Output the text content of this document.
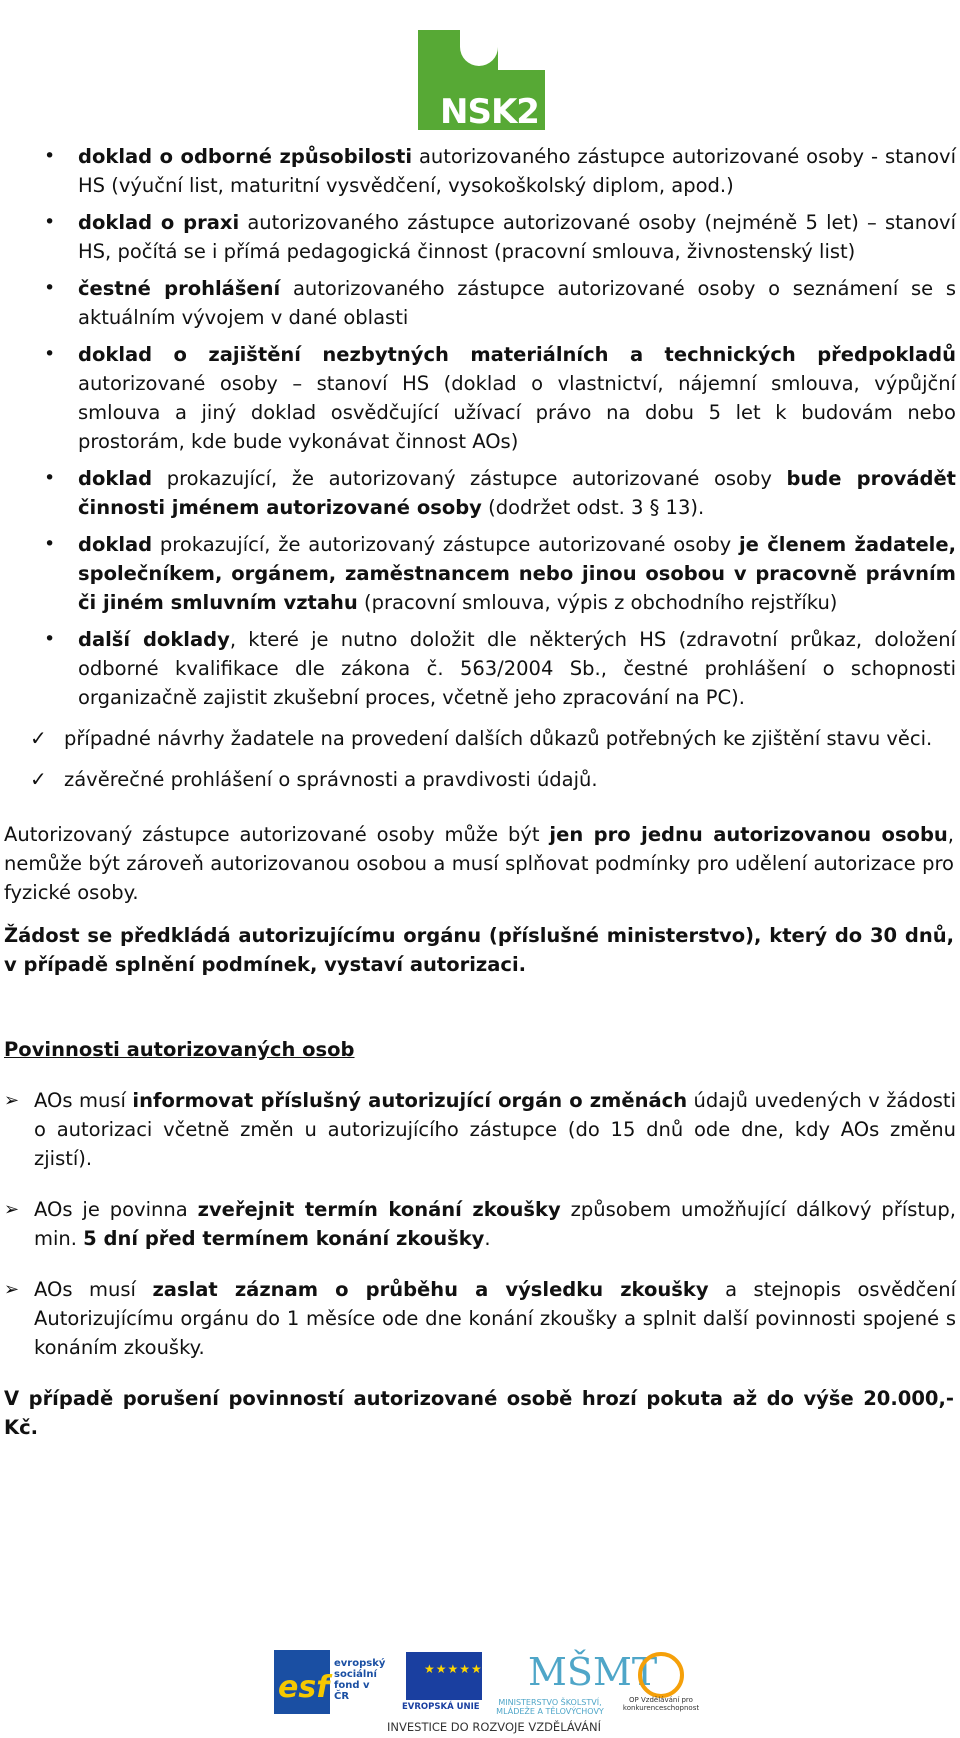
NSK2
• doklad o odborné způsobilosti autorizovaného zástupce autorizované osoby - stanoví HS (výuční list, maturitní vysvědčení, vysokoškolský diplom, apod.)
• doklad o praxi autorizovaného zástupce autorizované osoby (nejméně 5 let) – stanoví HS, počítá se i přímá pedagogická činnost (pracovní smlouva, živnostenský list)
• čestné prohlášení autorizovaného zástupce autorizované osoby o seznámení se s aktuálním vývojem v dané oblasti
• doklad o zajištění nezbytných materiálních a technických předpokladů autorizované osoby – stanoví HS (doklad o vlastnictví, nájemní smlouva, výpůjční smlouva a jiný doklad osvědčující užívací právo na dobu 5 let k budovám nebo prostorám, kde bude vykonávat činnost AOs)
• doklad prokazující, že autorizovaný zástupce autorizované osoby bude provádět činnosti jménem autorizované osoby (dodržet odst. 3 § 13).
• doklad prokazující, že autorizovaný zástupce autorizované osoby je členem žadatele, společníkem, orgánem, zaměstnancem nebo jinou osobou v pracovně právním či jiném smluvním vztahu (pracovní smlouva, výpis z obchodního rejstříku)
• další doklady, které je nutno doložit dle některých HS (zdravotní průkaz, doložení odborné kvalifikace dle zákona č. 563/2004 Sb., čestné prohlášení o schopnosti organizačně zajistit zkušební proces, včetně jeho zpracování na PC).
✓ případné návrhy žadatele na provedení dalších důkazů potřebných ke zjištění stavu věci.
✓ závěrečné prohlášení o správnosti a pravdivosti údajů.

Autorizovaný zástupce autorizované osoby může být jen pro jednu autorizovanou osobu, nemůže být zároveň autorizovanou osobou a musí splňovat podmínky pro udělení autorizace pro fyzické osoby.

Žádost se předkládá autorizujícímu orgánu (příslušné ministerstvo), který do 30 dnů, v případě splnění podmínek, vystaví autorizaci.

Povinnosti autorizovaných osob
➢ AOs musí informovat příslušný autorizující orgán o změnách údajů uvedených v žádosti o autorizaci včetně změn u autorizujícího zástupce (do 15 dnů ode dne, kdy AOs změnu zjistí).
➢ AOs je povinna zveřejnit termín konání zkoušky způsobem umožňující dálkový přístup, min. 5 dní před termínem konání zkoušky.
➢ AOs musí zaslat záznam o průběhu a výsledku zkoušky a stejnopis osvědčení Autorizujícímu orgánu do 1 měsíce ode dne konání zkoušky a splnit další povinnosti spojené s konáním zkoušky.

V případě porušení povinností autorizované osobě hrozí pokuta až do výše 20.000,- Kč.

esf
evropský sociální fond v ČR
★★★★★
EVROPSKÁ UNIE
MŠMT
MINISTERSTVO ŠKOLSTVÍ, MLÁDEŽE A TĚLOVÝCHOVY
OP Vzdělávání pro konkurenceschopnost
INVESTICE DO ROZVOJE VZDĚLÁVÁNÍ
